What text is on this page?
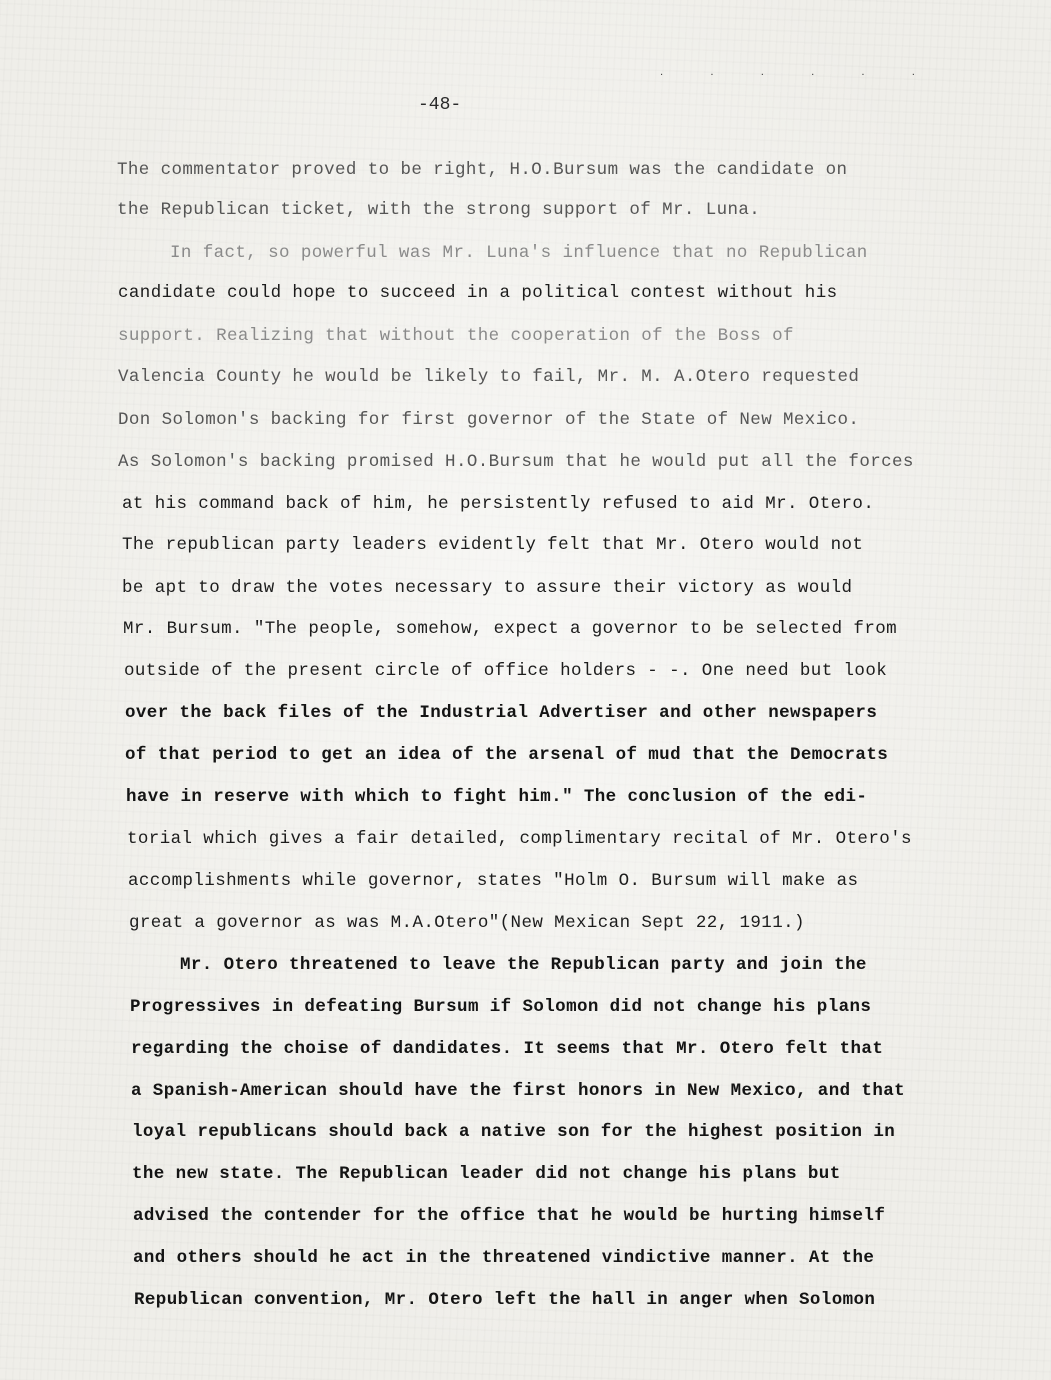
· · · · · ·
-48-
The commentator proved to be right, H.O.Bursum was the candidate on
the Republican ticket, with the strong support of Mr. Luna.
In fact, so powerful was Mr. Luna's influence that no Republican
candidate could hope to succeed in a political contest without his
support. Realizing that without the cooperation of the Boss of
Valencia County he would be likely to fail, Mr. M. A.Otero requested
Don Solomon's backing for first governor of the State of New Mexico.
As Solomon's backing promised H.O.Bursum that he would put all the forces
at his command back of him, he persistently refused to aid Mr. Otero.
The republican party leaders evidently felt that Mr. Otero would not
be apt to draw the votes necessary to assure their victory as would
Mr. Bursum. "The people, somehow, expect a governor to be selected from
outside of the present circle of office holders - -. One need but look
over the back files of the Industrial Advertiser and other newspapers
of that period to get an idea of the arsenal of mud that the Democrats
have in reserve with which to fight him." The conclusion of the edi-
torial which gives a fair detailed, complimentary recital of Mr. Otero's
accomplishments while governor, states "Holm O. Bursum will make as
great a governor as was M.A.Otero"(New Mexican Sept 22, 1911.)
Mr. Otero threatened to leave the Republican party and join the
Progressives in defeating Bursum if Solomon did not change his plans
regarding the choise of dandidates. It seems that Mr. Otero felt that
a Spanish-American should have the first honors in New Mexico, and that
loyal republicans should back a native son for the highest position in
the new state. The Republican leader did not change his plans but
advised the contender for the office that he would be hurting himself
and others should he act in the threatened vindictive manner. At the
Republican convention, Mr. Otero left the hall in anger when Solomon
